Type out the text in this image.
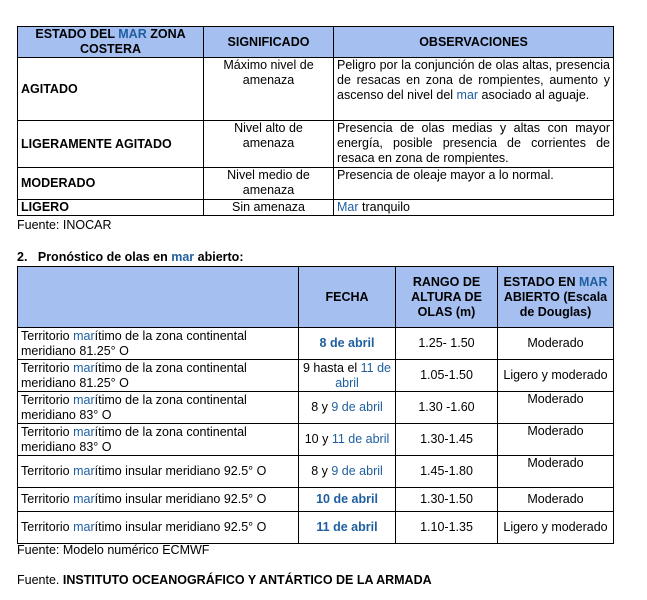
ESTADO DEL MAR ZONA COSTERA	SIGNIFICADO	OBSERVACIONES
AGITADO	Máximo nivel de amenaza	Peligro por la conjunción de olas altas, presencia de resacas en zona de rompientes, aumento y ascenso del nivel del mar asociado al aguaje.
LIGERAMENTE AGITADO	Nivel alto de amenaza	Presencia de olas medias y altas con mayor energía, posible presencia de corrientes de resaca en zona de rompientes.
MODERADO	Nivel medio de amenaza	Presencia de oleaje mayor a lo normal.
LIGERO	Sin amenaza	Mar tranquilo
Fuente: INOCAR
2. Pronóstico de olas en mar abierto:
	FECHA	RANGO DE ALTURA DE OLAS (m)	ESTADO EN MAR ABIERTO (Escala de Douglas)
Territorio marítimo de la zona continental meridiano 81.25° O	8 de abril	1.25- 1.50	Moderado
Territorio marítimo de la zona continental meridiano 81.25° O	9 hasta el 11 de abril	1.05-1.50	Ligero y moderado
Territorio marítimo de la zona continental meridiano 83° O	8 y 9 de abril	1.30 -1.60	Moderado
Territorio marítimo de la zona continental meridiano 83° O	10 y 11 de abril	1.30-1.45	Moderado
Territorio marítimo insular meridiano 92.5° O	8 y 9 de abril	1.45-1.80	Moderado
Territorio marítimo insular meridiano 92.5° O	10 de abril	1.30-1.50	Moderado
Territorio marítimo insular meridiano 92.5° O	11 de abril	1.10-1.35	Ligero y moderado
Fuente: Modelo numérico ECMWF
Fuente. INSTITUTO OCEANOGRÁFICO Y ANTÁRTICO DE LA ARMADA
